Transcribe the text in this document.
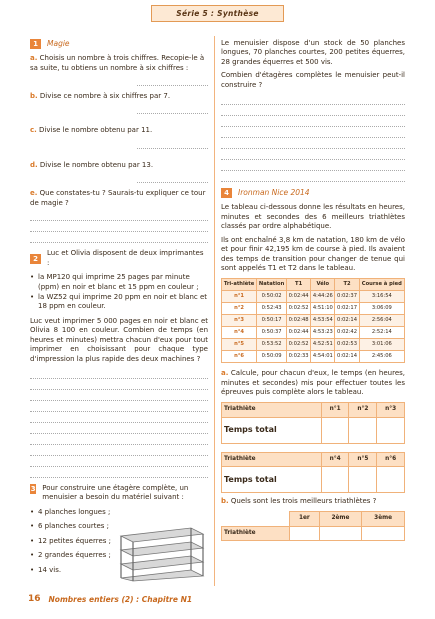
Série 5 : Synthèse
1	Magie
a. Choisis un nombre à trois chiffres. Recopie-le à sa suite, tu obtiens un nombre à six chiffres :
b. Divise ce nombre à six chiffres par 7.
c. Divise le nombre obtenu par 11.
d. Divise le nombre obtenu par 13.
e. Que constates-tu ? Saurais-tu expliquer ce tour de magie ?
2
Luc et Olivia disposent de deux imprimantes :
• la MP120 qui imprime 25 pages par minute (ppm) en noir et blanc et 15 ppm en couleur ;
• la WZ52 qui imprime 20 ppm en noir et blanc et 18 ppm en couleur.
Luc veut imprimer 5 000 pages en noir et blanc et Olivia 8 100 en couleur. Combien de temps (en heures et minutes) mettra chacun d'eux pour tout imprimer en choisissant pour chaque type d'impression la plus rapide des deux machines ?
3 Pour construire une étagère complète, un menuisier a besoin du matériel suivant :
• 4 planches longues ;
• 6 planches courtes ;
• 12 petites équerres ;
• 2 grandes équerres ;
• 14 vis.
Le menuisier dispose d'un stock de 50 planches longues, 70 planches courtes, 200 petites équerres, 28 grandes équerres et 500 vis.
Combien d'étagères complètes le menuisier peut-il construire ?
4	Ironman Nice 2014
Le tableau ci-dessous donne les résultats en heures, minutes et secondes des 6 meilleurs triathlètes classés par ordre alphabétique.
Ils ont enchaîné 3,8 km de natation, 180 km de vélo et pour finir 42,195 km de course à pied. Ils avaient des temps de transition pour changer de tenue qui sont appelés T1 et T2 dans le tableau.
Tri-athlète	Natation	T1	Vélo	T2	Course à pied
n°1	0:50:02	0:02:44	4:44:26	0:02:37	3:16:54
n°2	0:52:43	0:02:52	4:51:10	0:02:17	3:06:09
n°3	0:50:17	0:02:48	4:53:54	0:02:14	2:56:04
n°4	0:50:37	0:02:44	4:53:23	0:02:42	2:52:14
n°5	0:53:52	0:02:52	4:52:51	0:02:53	3:01:06
n°6	0:50:09	0:02:33	4:54:01	0:02:14	2:45:06
a. Calcule, pour chacun d'eux, le temps (en heures, minutes et secondes) mis pour effectuer toutes les épreuves puis complète alors le tableau.
Triathlète	n°1	n°2	n°3
Temps total			
Triathlète	n°4	n°5	n°6
Temps total			
b. Quels sont les trois meilleurs triathlètes ?
	1er	2ème	3ème
Triathlète			
16 Nombres entiers (2) : Chapitre N1
